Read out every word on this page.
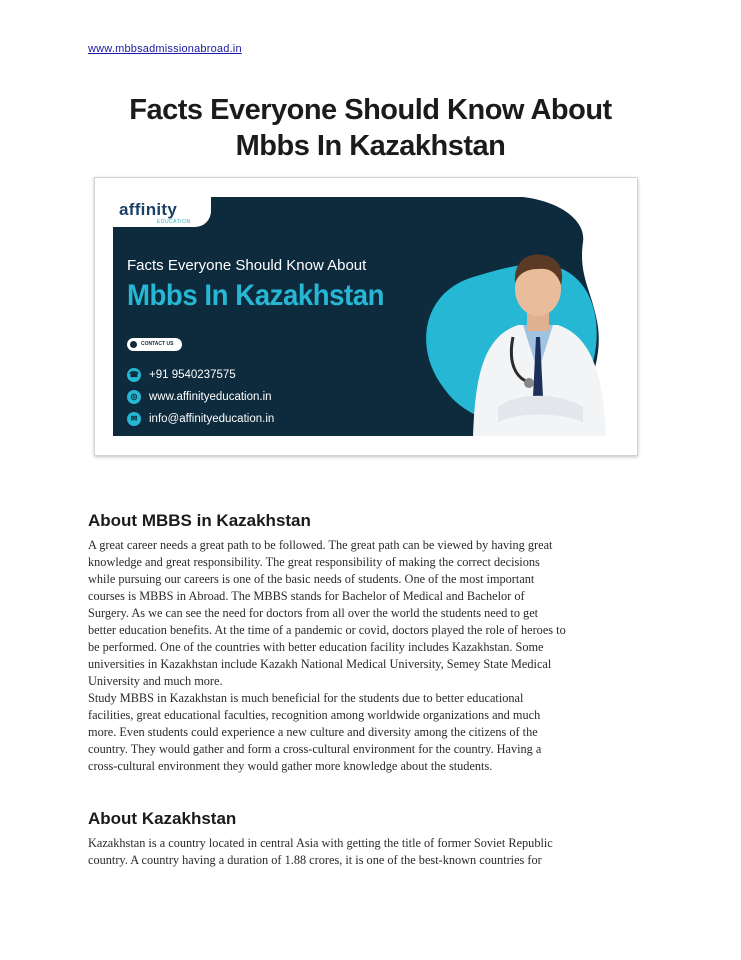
www.mbbsadmissionabroad.in
Facts Everyone Should Know About
Mbbs In Kazakhstan
affinity
EDUCATION
Facts Everyone Should Know About
Mbbs In Kazakhstan
CONTACT US
☎ +91 9540237575
◎ www.affinityeducation.in
✉ info@affinityeducation.in
About MBBS in Kazakhstan
A great career needs a great path to be followed. The great path can be viewed by having great
knowledge and great responsibility. The great responsibility of making the correct decisions
while pursuing our careers is one of the basic needs of students. One of the most important
courses is MBBS in Abroad. The MBBS stands for Bachelor of Medical and Bachelor of
Surgery. As we can see the need for doctors from all over the world the students need to get
better education benefits. At the time of a pandemic or covid, doctors played the role of heroes to
be performed. One of the countries with better education facility includes Kazakhstan. Some
universities in Kazakhstan include Kazakh National Medical University, Semey State Medical
University and much more.
Study MBBS in Kazakhstan is much beneficial for the students due to better educational
facilities, great educational faculties, recognition among worldwide organizations and much
more. Even students could experience a new culture and diversity among the citizens of the
country. They would gather and form a cross-cultural environment for the country. Having a
cross-cultural environment they would gather more knowledge about the students.
About Kazakhstan
Kazakhstan is a country located in central Asia with getting the title of former Soviet Republic
country. A country having a duration of 1.88 crores, it is one of the best-known countries for
